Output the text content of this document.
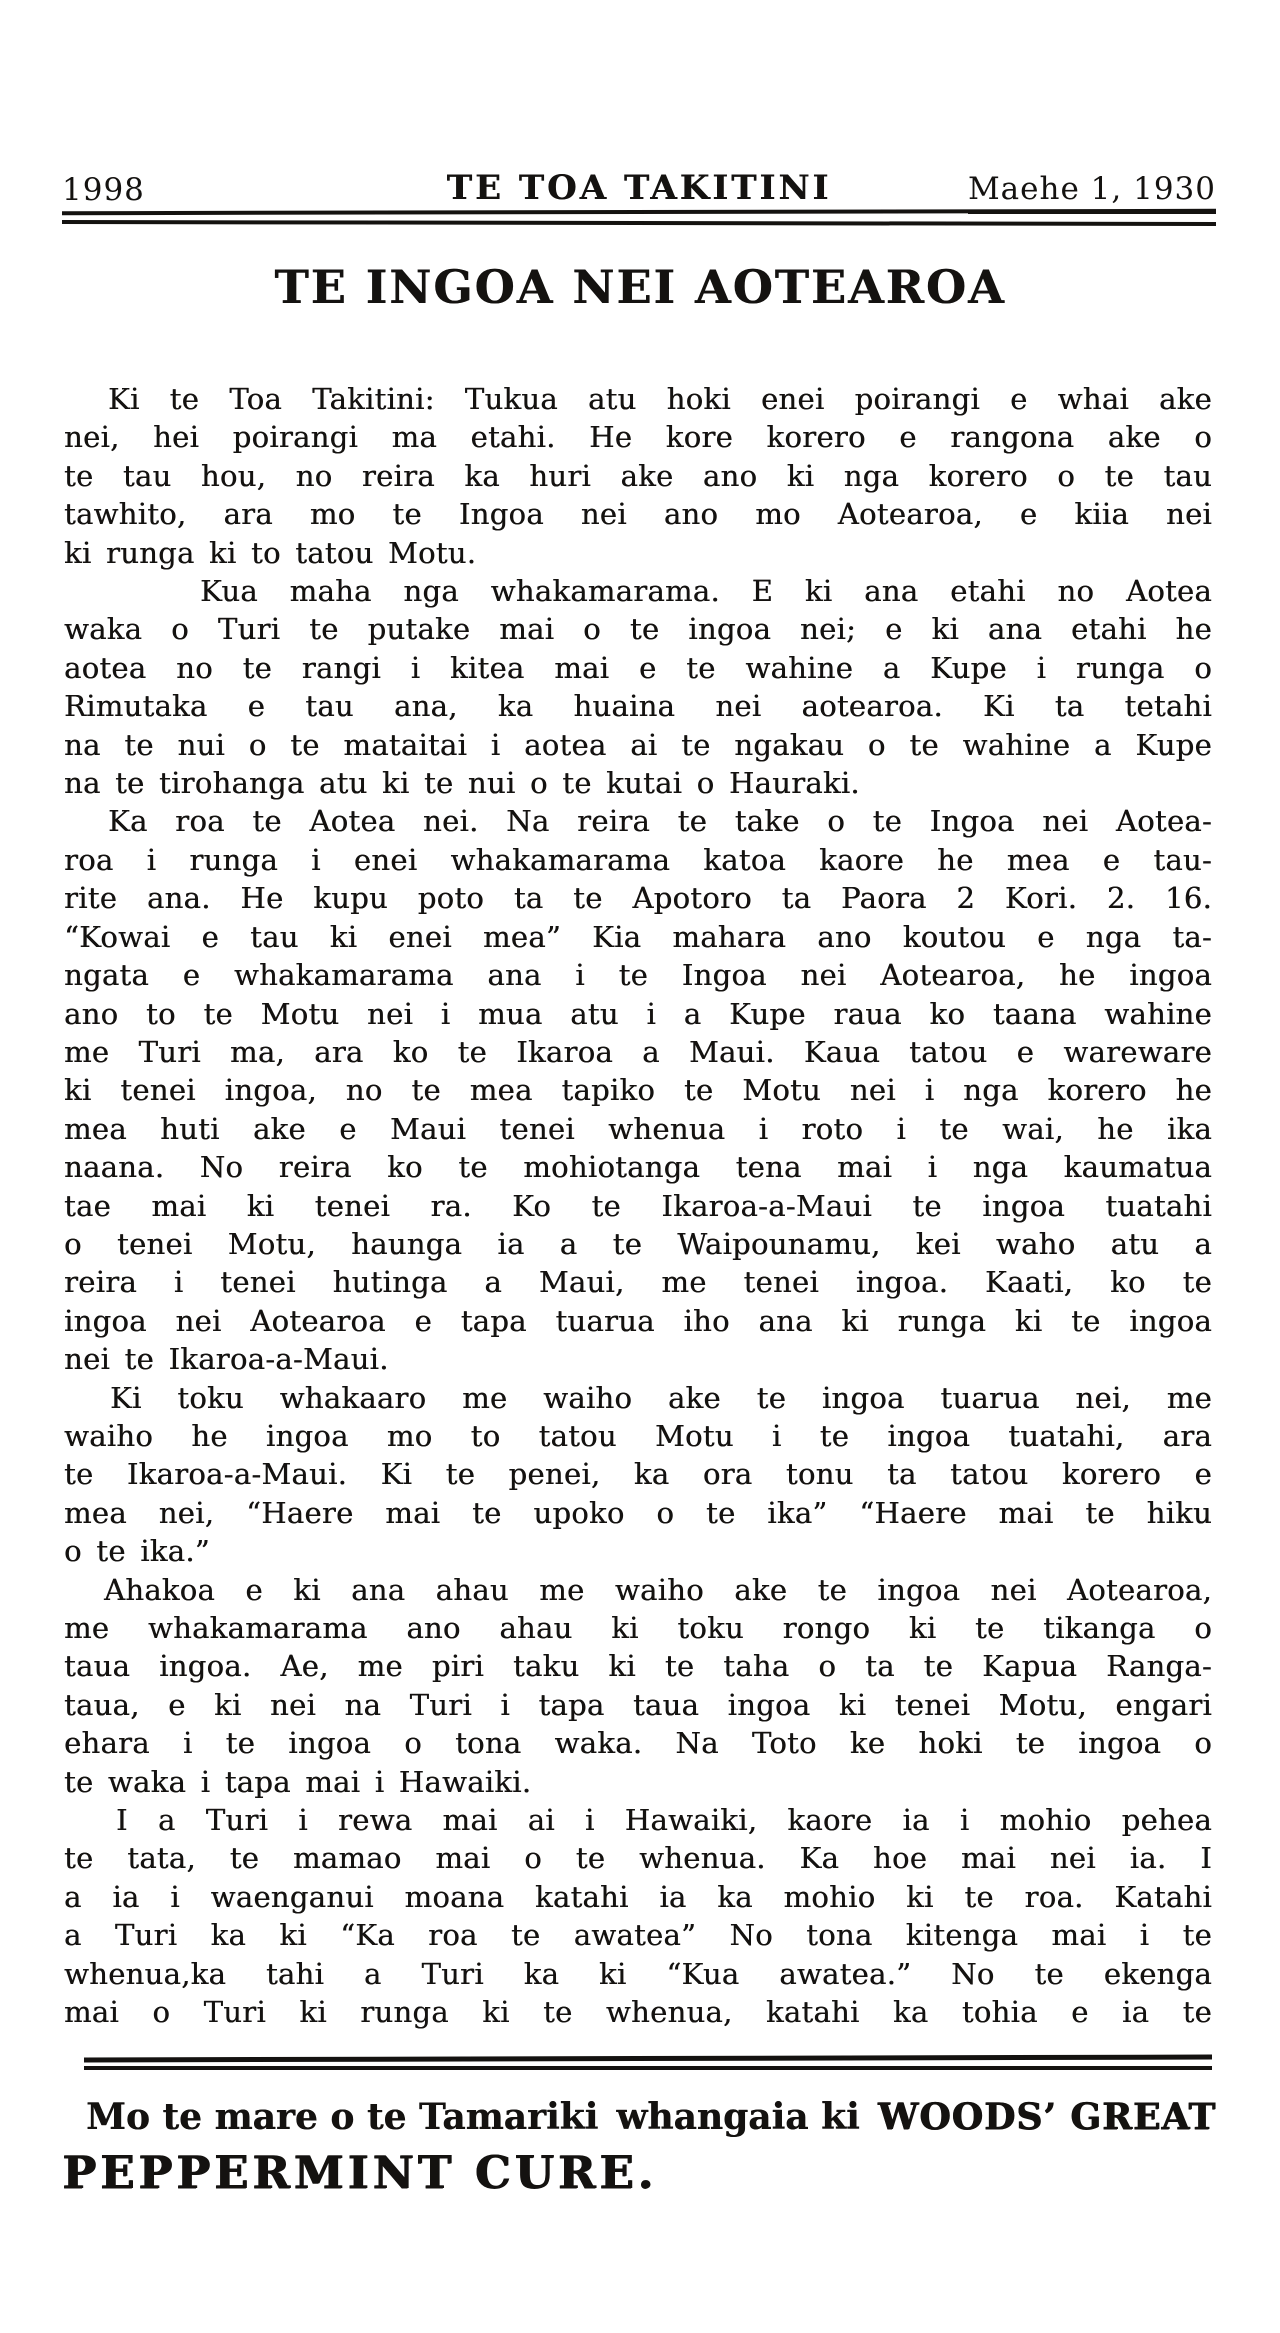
1998	TE TOA TAKITINI	Maehe 1, 1930
TE INGOA NEI AOTEAROA
Ki te Toa Takitini: Tukua atu hoki enei poirangi e whai ake
nei, hei poirangi ma etahi. He kore korero e rangona ake o
te tau hou, no reira ka huri ake ano ki nga korero o te tau
tawhito, ara mo te Ingoa nei ano mo Aotearoa, e kiia nei
ki runga ki to tatou Motu.
Kua maha nga whakamarama. E ki ana etahi no Aotea
waka o Turi te putake mai o te ingoa nei; e ki ana etahi he
aotea no te rangi i kitea mai e te wahine a Kupe i runga o
Rimutaka e tau ana, ka huaina nei aotearoa. Ki ta tetahi
na te nui o te mataitai i aotea ai te ngakau o te wahine a Kupe
na te tirohanga atu ki te nui o te kutai o Hauraki.
Ka roa te Aotea nei. Na reira te take o te Ingoa nei Aotea-
roa i runga i enei whakamarama katoa kaore he mea e tau-
rite ana. He kupu poto ta te Apotoro ta Paora 2 Kori. 2. 16.
“Kowai e tau ki enei mea” Kia mahara ano koutou e nga ta-
ngata e whakamarama ana i te Ingoa nei Aotearoa, he ingoa
ano to te Motu nei i mua atu i a Kupe raua ko taana wahine
me Turi ma, ara ko te Ikaroa a Maui. Kaua tatou e wareware
ki tenei ingoa, no te mea tapiko te Motu nei i nga korero he
mea huti ake e Maui tenei whenua i roto i te wai, he ika
naana. No reira ko te mohiotanga tena mai i nga kaumatua
tae mai ki tenei ra. Ko te Ikaroa-a-Maui te ingoa tuatahi
o tenei Motu, haunga ia a te Waipounamu, kei waho atu a
reira i tenei hutinga a Maui, me tenei ingoa. Kaati, ko te
ingoa nei Aotearoa e tapa tuarua iho ana ki runga ki te ingoa
nei te Ikaroa-a-Maui.
Ki toku whakaaro me waiho ake te ingoa tuarua nei, me
waiho he ingoa mo to tatou Motu i te ingoa tuatahi, ara
te Ikaroa-a-Maui. Ki te penei, ka ora tonu ta tatou korero e
mea nei, “Haere mai te upoko o te ika” “Haere mai te hiku
o te ika.”
Ahakoa e ki ana ahau me waiho ake te ingoa nei Aotearoa,
me whakamarama ano ahau ki toku rongo ki te tikanga o
taua ingoa. Ae, me piri taku ki te taha o ta te Kapua Ranga-
taua, e ki nei na Turi i tapa taua ingoa ki tenei Motu, engari
ehara i te ingoa o tona waka. Na Toto ke hoki te ingoa o
te waka i tapa mai i Hawaiki.
I a Turi i rewa mai ai i Hawaiki, kaore ia i mohio pehea
te tata, te mamao mai o te whenua. Ka hoe mai nei ia. I
a ia i waenganui moana katahi ia ka mohio ki te roa. Katahi
a Turi ka ki “Ka roa te awatea” No tona kitenga mai i te
whenua,ka tahi a Turi ka ki “Kua awatea.” No te ekenga
mai o Turi ki runga ki te whenua, katahi ka tohia e ia te
Mo te mare o te Tamariki whangaia ki WOODS’ GREAT
PEPPERMINT CURE.
